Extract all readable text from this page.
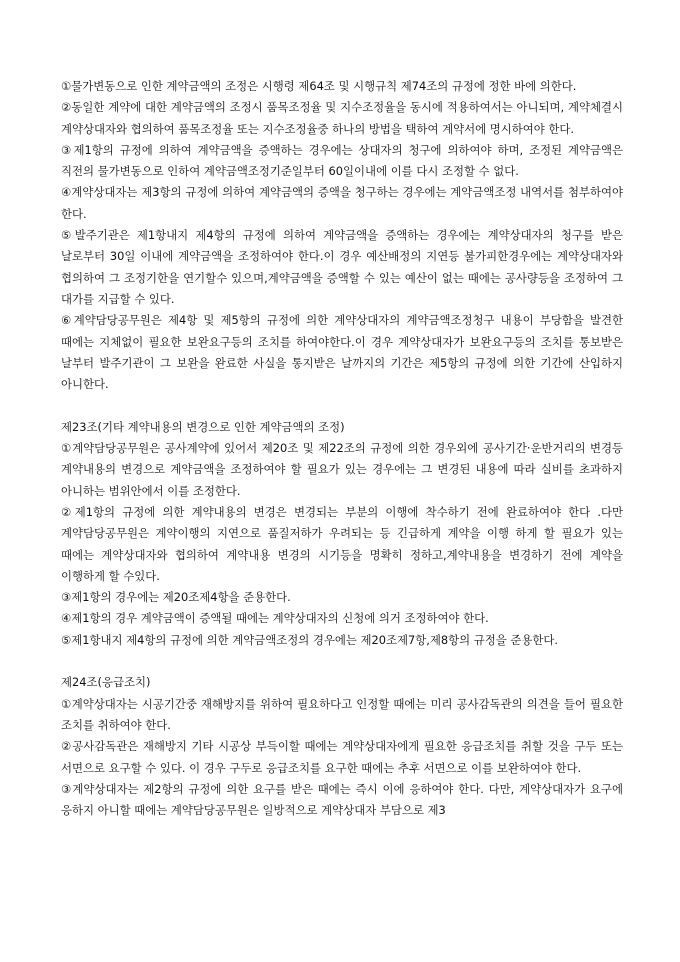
①물가변동으로 인한 계약금액의 조정은 시행령 제64조 및 시행규칙 제74조의 규정에 정한 바에 의한다.

②동일한 계약에 대한 계약금액의 조정시 품목조정율 및 지수조정율을 동시에 적용하여서는 아니되며, 계약체결시 계약상대자와 협의하여 품목조정율 또는 지수조정율중 하나의 방법을 택하여 계약서에 명시하여야 한다.

③제1항의 규정에 의하여 계약금액을 증액하는 경우에는 상대자의 청구에 의하여야 하며, 조정된 계약금액은 직전의 물가변동으로 인하여 계약금액조정기준일부터 60일이내에 이를 다시 조정할 수 없다.

④계약상대자는 제3항의 규정에 의하여 계약금액의 증액을 청구하는 경우에는 계약금액조정 내역서를 첨부하여야 한다.

⑤발주기관은 제1항내지 제4항의 규정에 의하여 계약금액을 증액하는 경우에는 계약상대자의 청구를 받은 날로부터 30일 이내에 계약금액을 조정하여야 한다.이 경우 예산배정의 지연등 불가피한경우에는 계약상대자와 협의하여 그 조정기한을 연기할수 있으며,계약금액을 증액할 수 있는 예산이 없는 때에는 공사량등을 조정하여 그 대가를 지급할 수 있다.

⑥계약담당공무원은 제4항 및 제5항의 규정에 의한 계약상대자의 계약금액조정청구 내용이 부당함을 발견한 때에는 지체없이 필요한 보완요구등의 조치를 하여야한다.이 경우 계약상대자가 보완요구등의 조치를 통보받은 날부터 발주기관이 그 보완을 완료한 사실을 통지받은 날까지의 기간은 제5항의 규정에 의한 기간에 산입하지 아니한다.

제23조(기타 계약내용의 변경으로 인한 계약금액의 조정)

①계약담당공무원은 공사계약에 있어서 제20조 및 제22조의 규정에 의한 경우외에 공사기간·운반거리의 변경등 계약내용의 변경으로 계약금액을 조정하여야 할 필요가 있는 경우에는 그 변경된 내용에 따라 실비를 초과하지 아니하는 범위안에서 이를 조정한다.

②제1항의 규정에 의한 계약내용의 변경은 변경되는 부분의 이행에 착수하기 전에 완료하여야 한다 .다만 계약담당공무원은 계약이행의 지연으로 품질저하가 우려되는 등 긴급하게 계약을 이행 하게 할 필요가 있는 때에는 계약상대자와 협의하여 계약내용 변경의 시기등을 명확히 정하고,계약내용을 변경하기 전에 계약을 이행하게 할 수있다.

③제1항의 경우에는 제20조제4항을 준용한다.

④제1항의 경우 계약금액이 증액될 때에는 계약상대자의 신청에 의거 조정하여야 한다.

⑤제1항내지 제4항의 규정에 의한 계약금액조정의 경우에는 제20조제7항,제8항의 규정을 준용한다.

제24조(응급조치)

①계약상대자는 시공기간중 재해방지를 위하여 필요하다고 인정할 때에는 미리 공사감독관의 의견을 들어 필요한 조치를 취하여야 한다.

②공사감독관은 재해방지 기타 시공상 부득이할 때에는 계약상대자에게 필요한 응급조치를 취할 것을 구두 또는 서면으로 요구할 수 있다. 이 경우 구두로 응급조치를 요구한 때에는 추후 서면으로 이를 보완하여야 한다.

③계약상대자는 제2항의 규정에 의한 요구를 받은 때에는 즉시 이에 응하여야 한다. 다만, 계약상대자가 요구에 응하지 아니할 때에는 계약담당공무원은 일방적으로 계약상대자 부담으로 제3
